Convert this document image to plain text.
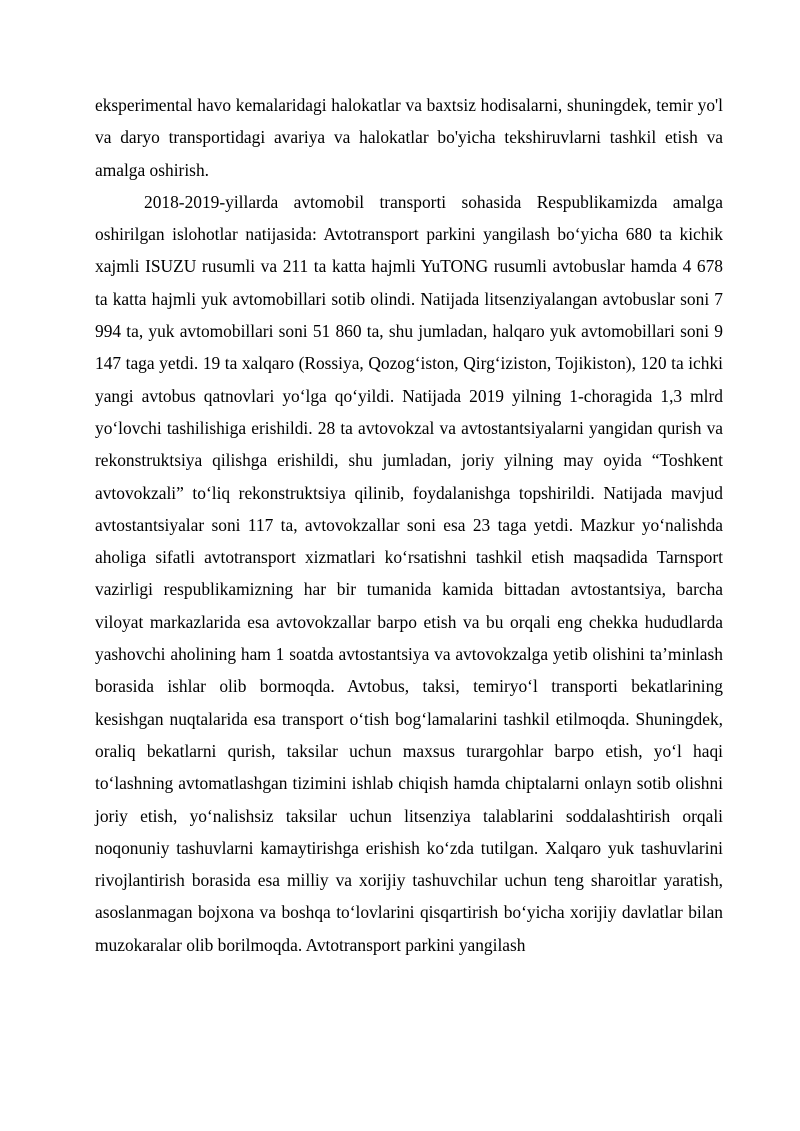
eksperimental havo kemalaridagi halokatlar va baxtsiz hodisalarni, shuningdek, temir yo'l va daryo transportidagi avariya va halokatlar bo'yicha tekshiruvlarni tashkil etish va amalga oshirish.

2018-2019-yillarda avtomobil transporti sohasida Respublikamizda amalga oshirilgan islohotlar natijasida: Avtotransport parkini yangilash boʻyicha 680 ta kichik xajmli ISUZU rusumli va 211 ta katta hajmli YuTONG rusumli avtobuslar hamda 4 678 ta katta hajmli yuk avtomobillari sotib olindi. Natijada litsenziyalangan avtobuslar soni 7 994 ta, yuk avtomobillari soni 51 860 ta, shu jumladan, halqaro yuk avtomobillari soni 9 147 taga yetdi. 19 ta xalqaro (Rossiya, Qozogʻiston, Qirgʻiziston, Tojikiston), 120 ta ichki yangi avtobus qatnovlari yoʻlga qoʻyildi. Natijada 2019 yilning 1-choragida 1,3 mlrd yoʻlovchi tashilishiga erishildi. 28 ta avtovokzal va avtostantsiyalarni yangidan qurish va rekonstruktsiya qilishga erishildi, shu jumladan, joriy yilning may oyida “Toshkent avtovokzali” toʻliq rekonstruktsiya qilinib, foydalanishga topshirildi. Natijada mavjud avtostantsiyalar soni 117 ta, avtovokzallar soni esa 23 taga yetdi. Mazkur yoʻnalishda aholiga sifatli avtotransport xizmatlari koʻrsatishni tashkil etish maqsadida Tarnsport vazirligi respublikamizning har bir tumanida kamida bittadan avtostantsiya, barcha viloyat markazlarida esa avtovokzallar barpo etish va bu orqali eng chekka hududlarda yashovchi aholining ham 1 soatda avtostantsiya va avtovokzalga yetib olishini ta’minlash borasida ishlar olib bormoqda. Avtobus, taksi, temiryoʻl transporti bekatlarining kesishgan nuqtalarida esa transport oʻtish bogʻlamalarini tashkil etilmoqda. Shuningdek, oraliq bekatlarni qurish, taksilar uchun maxsus turargohlar barpo etish, yoʻl haqi toʻlashning avtomatlashgan tizimini ishlab chiqish hamda chiptalarni onlayn sotib olishni joriy etish, yoʻnalishsiz taksilar uchun litsenziya talablarini soddalashtirish orqali noqonuniy tashuvlarni kamaytirishga erishish koʻzda tutilgan. Xalqaro yuk tashuvlarini rivojlantirish borasida esa milliy va xorijiy tashuvchilar uchun teng sharoitlar yaratish, asoslanmagan bojxona va boshqa toʻlovlarini qisqartirish boʻyicha xorijiy davlatlar bilan muzokaralar olib borilmoqda. Avtotransport parkini yangilash
